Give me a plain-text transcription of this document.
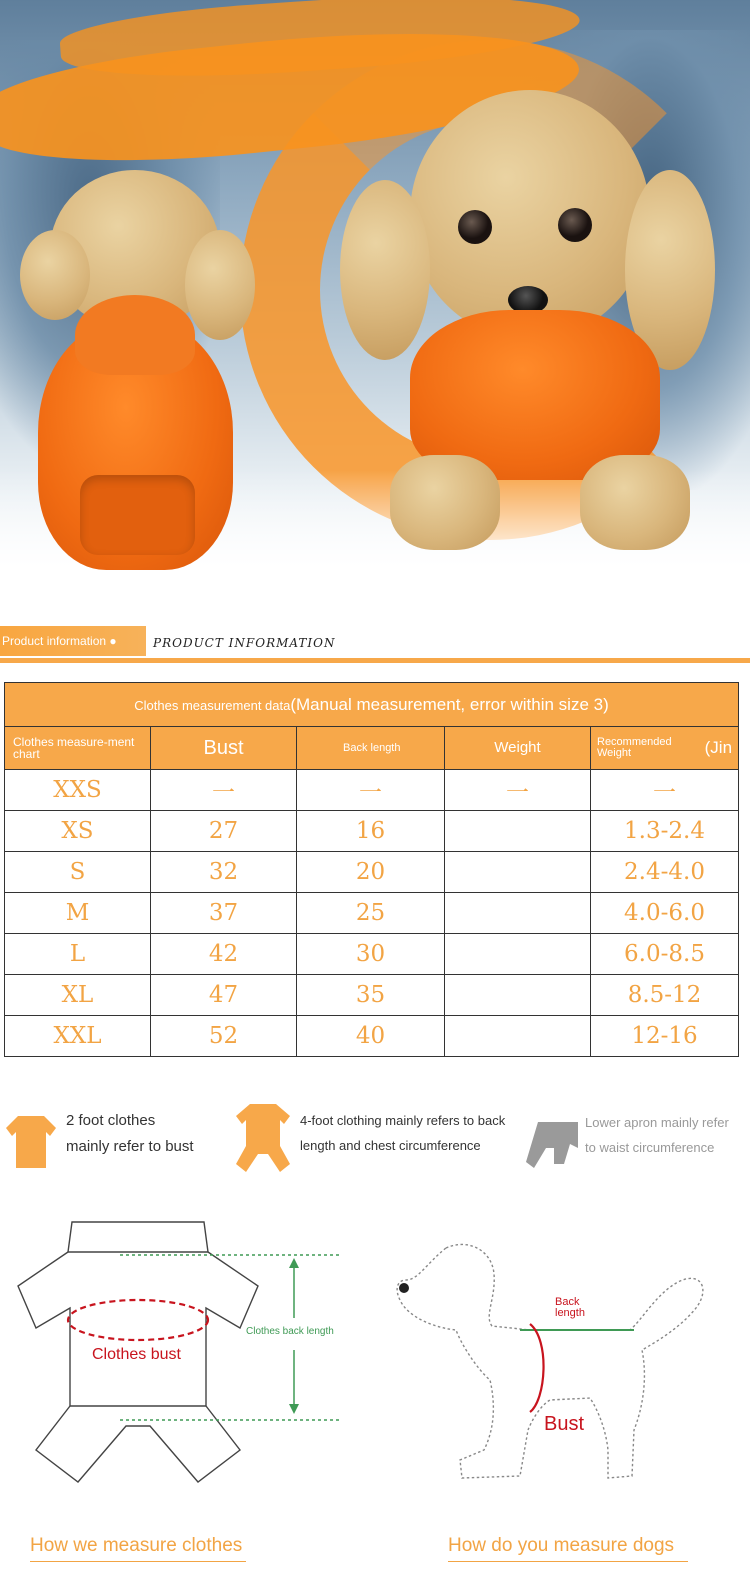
Product information ●	PRODUCT INFORMATION
Clothes measurement data(Manual measurement, error within size 3)				

Clothes measure-ment chart	Bust	Back length	Weight	Recommended Weight (Jin

XXS	一	一	一	一
XS	27	16		1.3-2.4
S	32	20		2.4-4.0
M	37	25		4.0-6.0
L	42	30		6.0-8.5
XL	47	35		8.5-12
XXL	52	40		12-16
2 foot clothes
mainly refer to bust
4-foot clothing mainly refers to back
length and chest circumference
Lower apron mainly refer
to waist circumference
Clothes bust
Clothes back length
Back
length
Bust
How we measure clothes	How do you measure dogs
